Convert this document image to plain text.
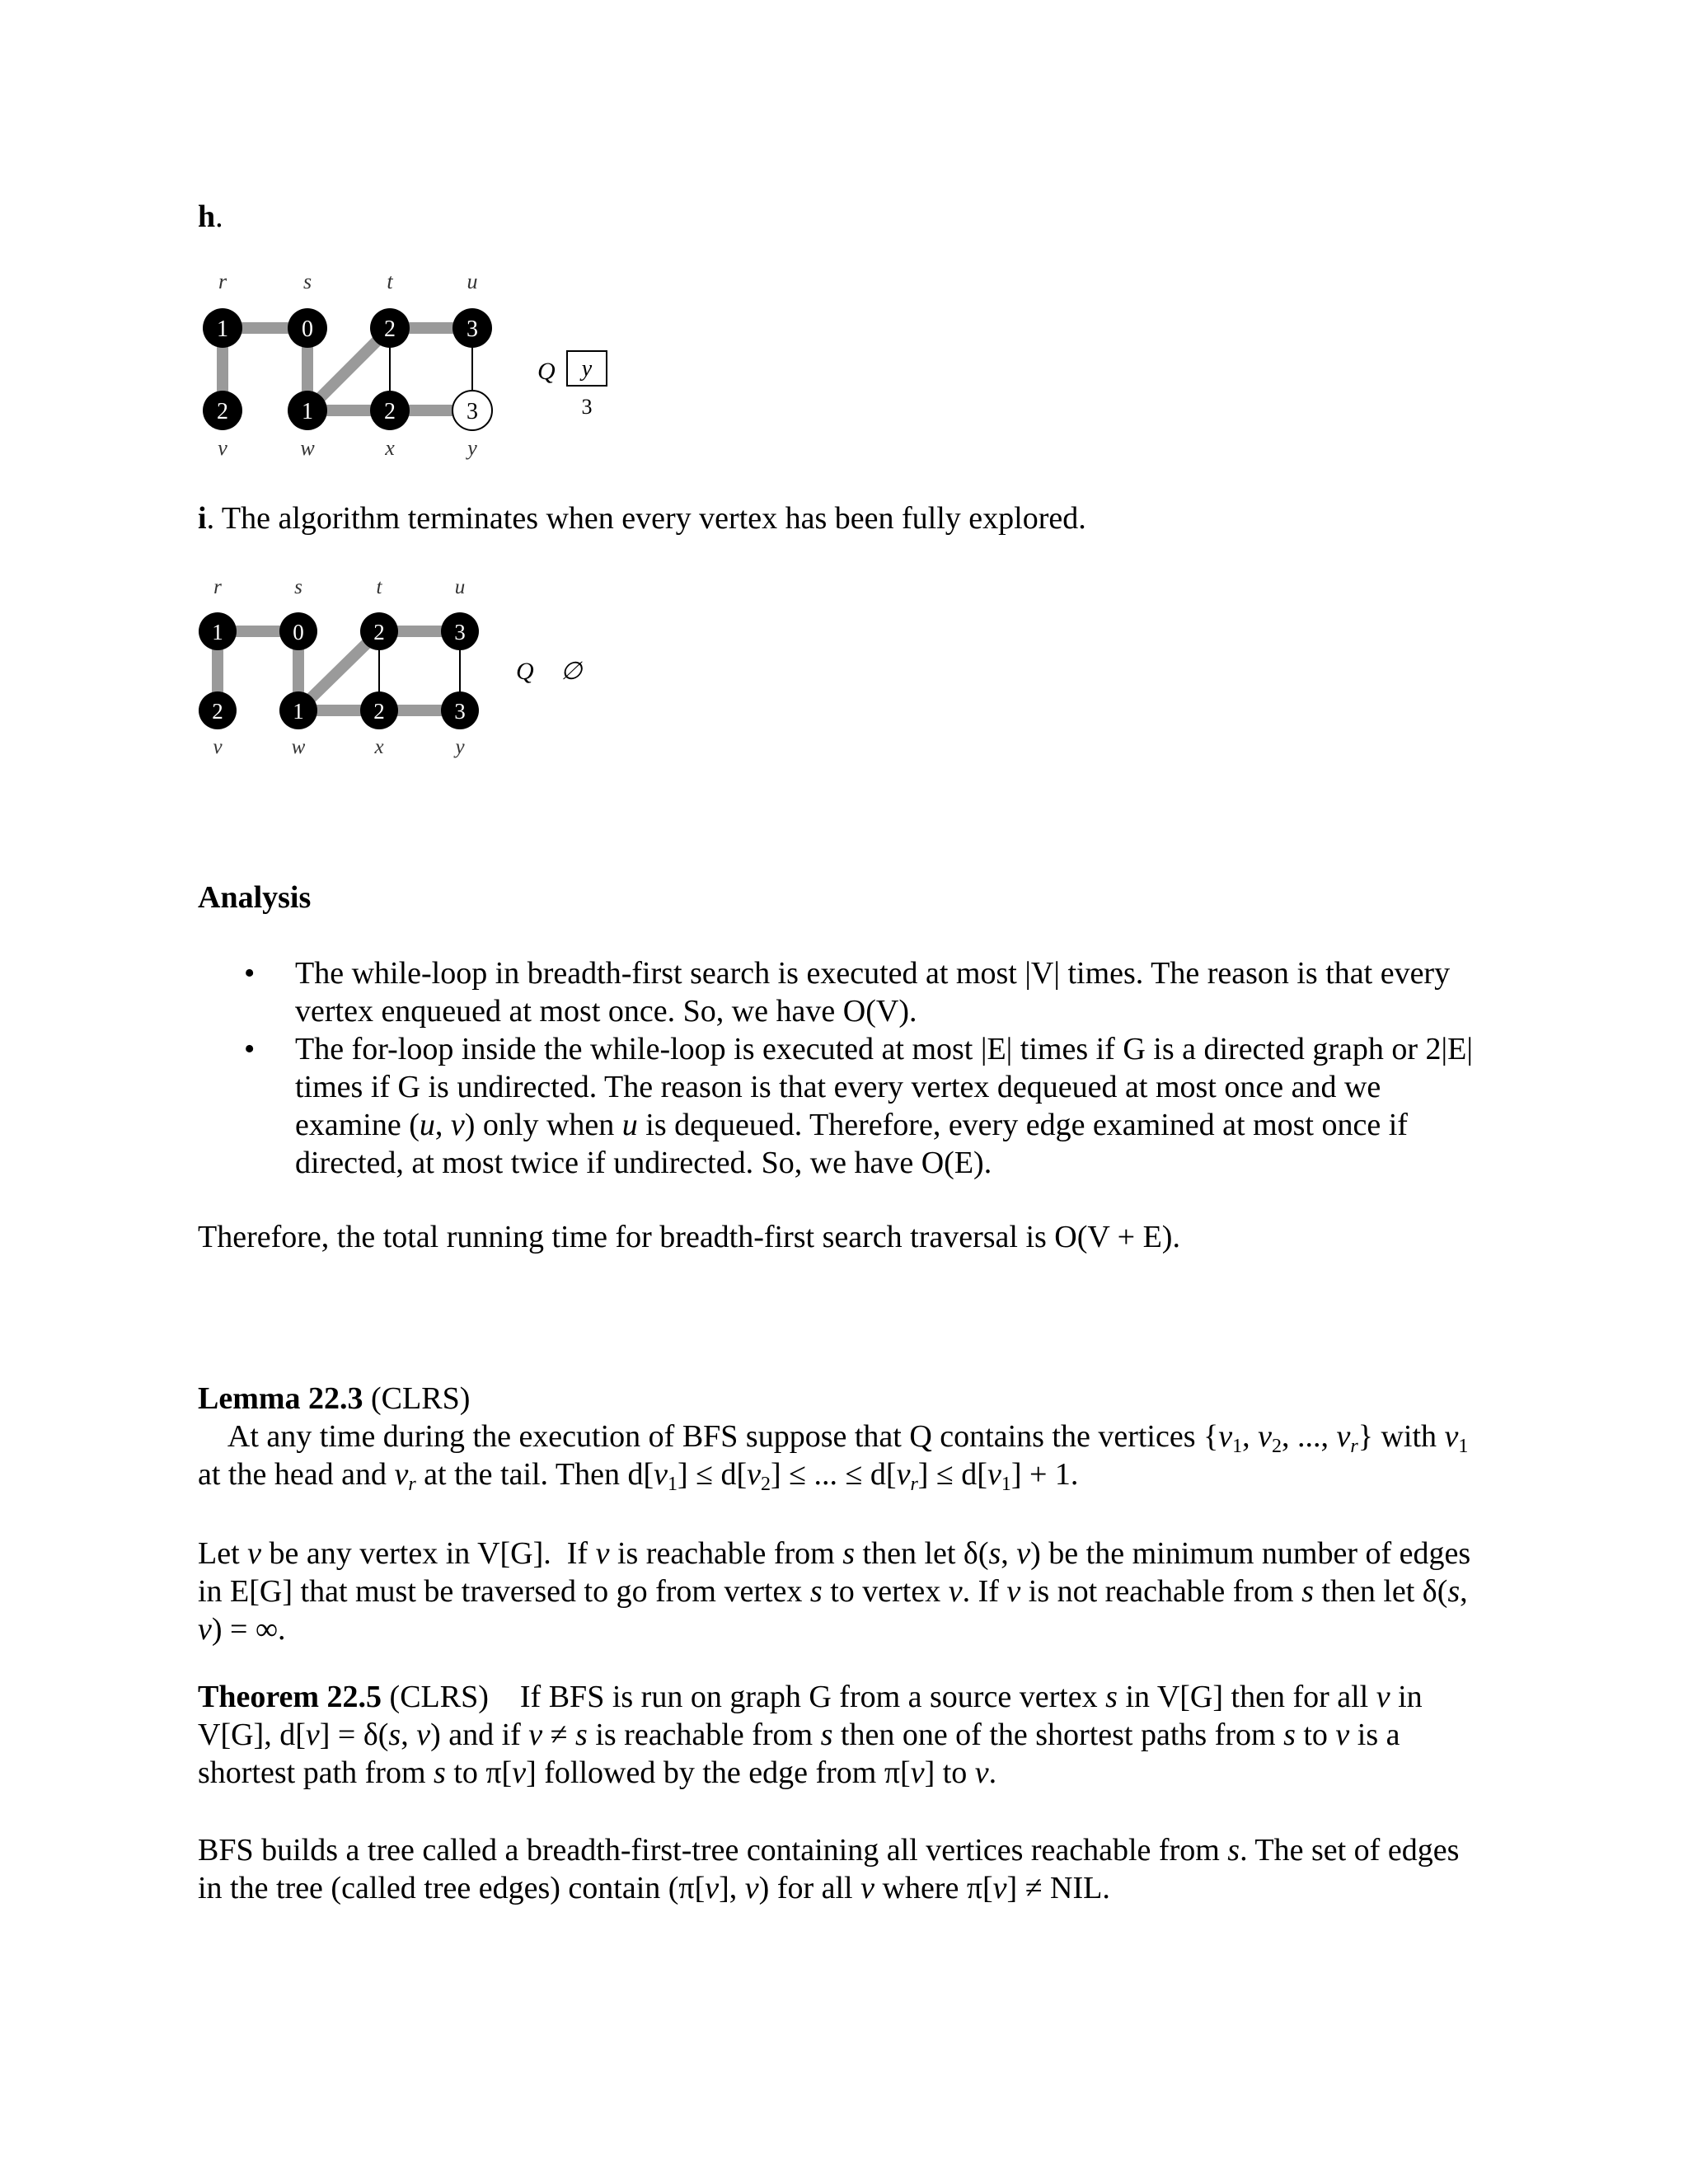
h.
r	s	t	u
v	w	x	y
1	0	2	3
2	1	2	3
Q y
3
i. The algorithm terminates when every vertex has been fully explored.
r	s	t	u
v	w	x	y
1	0	2	3
2	1	2	3
Q ∅
Analysis
• The while-loop in breadth-first search is executed at most |V| times. The reason is that every vertex enqueued at most once. So, we have O(V).
• The for-loop inside the while-loop is executed at most |E| times if G is a directed graph or 2|E| times if G is undirected. The reason is that every vertex dequeued at most once and we examine (u, v) only when u is dequeued. Therefore, every edge examined at most once if directed, at most twice if undirected. So, we have O(E).
Therefore, the total running time for breadth-first search traversal is O(V + E).
Lemma 22.3 (CLRS)    At any time during the execution of BFS suppose that Q contains the vertices {$v_1$, $v_2$, ..., $v_r$} with $v_1$ at the head and $v_r$ at the tail. Then $d[v_1] \le d[v_2]$ ≤ ... ≤ $d[v_r] \le d[v_1] + 1$.
Let v be any vertex in V[G].  If v is reachable from s then let δ(s, v) be the minimum number of edges in E[G] that must be traversed to go from vertex s to vertex v. If v is not reachable from s then let δ(s, v) = ∞.
Theorem 22.5 (CLRS)    If BFS is run on graph G from a source vertex s in V[G] then for all v in V[G], d[v] = δ(s, v) and if v ≠ s is reachable from s then one of the shortest paths from s to v is a shortest path from s to π[v] followed by the edge from π[v] to v.
BFS builds a tree called a breadth-first-tree containing all vertices reachable from s. The set of edges in the tree (called tree edges) contain (π[v], v) for all v where π[v] ≠ NIL.
